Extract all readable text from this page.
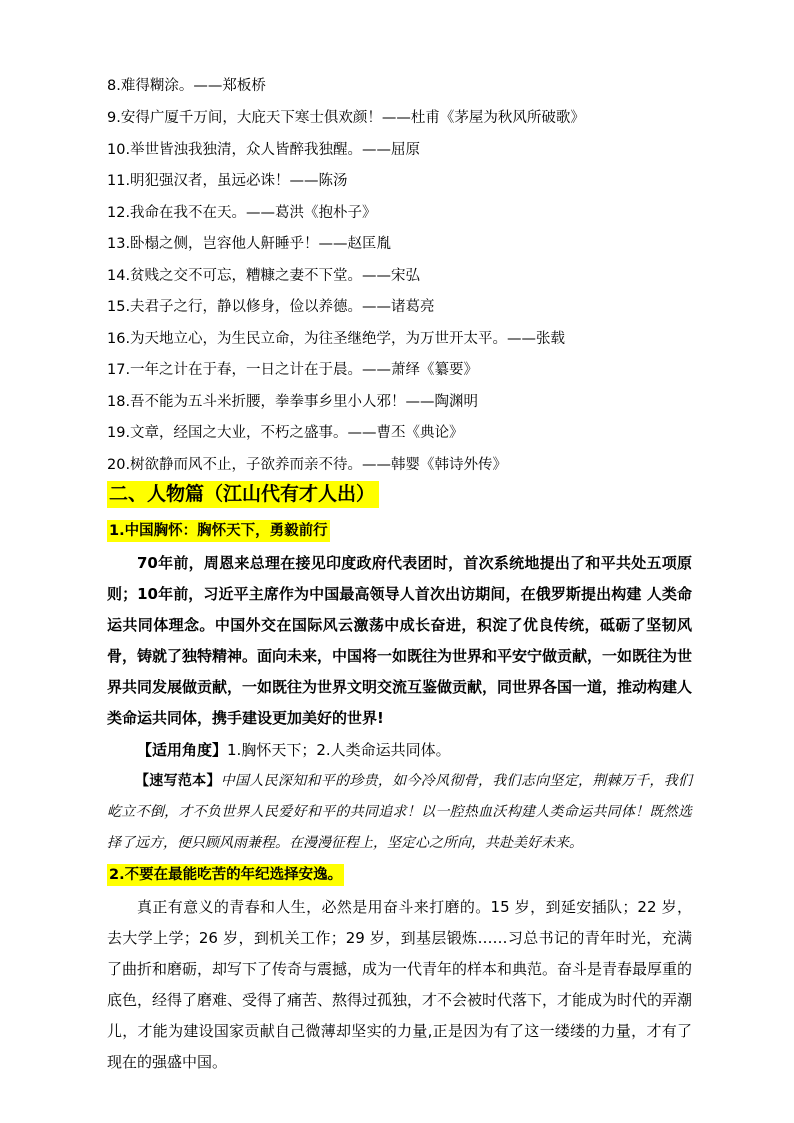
8.难得糊涂。——郑板桥
9.安得广厦千万间，大庇天下寒士俱欢颜！——杜甫《茅屋为秋风所破歌》
10.举世皆浊我独清，众人皆醉我独醒。——屈原
11.明犯强汉者，虽远必诛！——陈汤
12.我命在我不在天。——葛洪《抱朴子》
13.卧榻之侧，岂容他人鼾睡乎！——赵匡胤
14.贫贱之交不可忘，糟糠之妻不下堂。——宋弘
15.夫君子之行，静以修身，俭以养德。——诸葛亮
16.为天地立心，为生民立命，为往圣继绝学，为万世开太平。——张载
17.一年之计在于春，一日之计在于晨。——萧绎《纂要》
18.吾不能为五斗米折腰，拳拳事乡里小人邪！——陶渊明
19.文章，经国之大业，不朽之盛事。——曹丕《典论》
20.树欲静而风不止，子欲养而亲不待。——韩婴《韩诗外传》
二、人物篇（江山代有才人出）
1.中国胸怀：胸怀天下，勇毅前行
70年前，周恩来总理在接见印度政府代表团时，首次系统地提出了和平共处五项原则；10年前，习近平主席作为中国最高领导人首次出访期间，在俄罗斯提出构建 人类命运共同体理念。中国外交在国际风云激荡中成长奋进，积淀了优良传统，砥砺了坚韧风骨，铸就了独特精神。面向未来，中国将一如既往为世界和平安宁做贡献，一如既往为世界共同发展做贡献，一如既往为世界文明交流互鉴做贡献，同世界各国一道，推动构建人类命运共同体，携手建设更加美好的世界!
【适用角度】1.胸怀天下；2.人类命运共同体。
【速写范本】中国人民深知和平的珍贵，如今冷风彻骨，我们志向坚定，荆棘万千，我们屹立不倒，才不负世界人民爱好和平的共同追求！以一腔热血沃构建人类命运共同体！既然选择了远方，便只顾风雨兼程。在漫漫征程上，坚定心之所向，共赴美好未来。
2.不要在最能吃苦的年纪选择安逸。
真正有意义的青春和人生，必然是用奋斗来打磨的。15 岁，到延安插队；22 岁， 去大学上学；26 岁，到机关工作；29 岁，到基层锻炼……习总书记的青年时光，充满了曲折和磨砺，却写下了传奇与震撼，成为一代青年的样本和典范。奋斗是青春最厚重的底色，经得了磨难、受得了痛苦、熬得过孤独，才不会被时代落下，才能成为时代的弄潮儿，才能为建设国家贡献自己微薄却坚实的力量,正是因为有了这一缕缕的力量，才有了现在的强盛中国。
